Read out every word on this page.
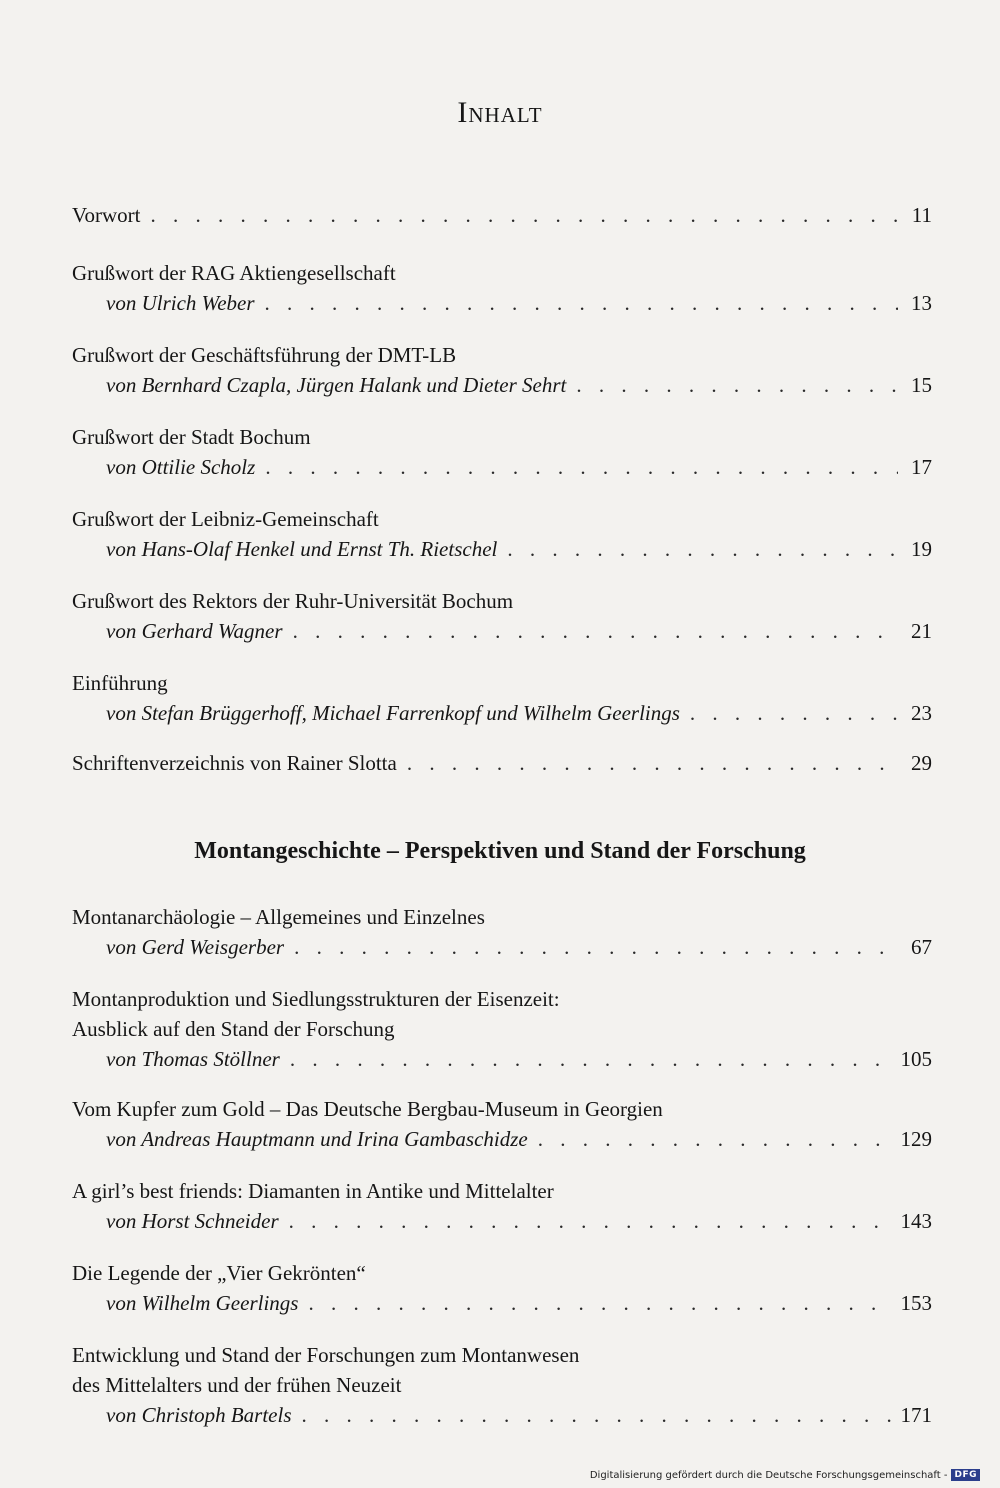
Inhalt
Vorwort . . .	11
Grußwort der RAG Aktiengesellschaft
von Ulrich Weber . . .	13
Grußwort der Geschäftsführung der DMT-LB
von Bernhard Czapla, Jürgen Halank und Dieter Sehrt . . .	15
Grußwort der Stadt Bochum
von Ottilie Scholz . . .	17
Grußwort der Leibniz-Gemeinschaft
von Hans-Olaf Henkel und Ernst Th. Rietschel . . .	19
Grußwort des Rektors der Ruhr-Universität Bochum
von Gerhard Wagner . . .	21
Einführung
von Stefan Brüggerhoff, Michael Farrenkopf und Wilhelm Geerlings . . .	23
Schriftenverzeichnis von Rainer Slotta . . .	29
Montangeschichte – Perspektiven und Stand der Forschung
Montanarchäologie – Allgemeines und Einzelnes
von Gerd Weisgerber . . .	67
Montanproduktion und Siedlungsstrukturen der Eisenzeit:
Ausblick auf den Stand der Forschung
von Thomas Stöllner . . .	105
Vom Kupfer zum Gold – Das Deutsche Bergbau-Museum in Georgien
von Andreas Hauptmann und Irina Gambaschidze . . .	129
A girl’s best friends: Diamanten in Antike und Mittelalter
von Horst Schneider . . .	143
Die Legende der „Vier Gekrönten“
von Wilhelm Geerlings . . .	153
Entwicklung und Stand der Forschungen zum Montanwesen
des Mittelalters und der frühen Neuzeit
von Christoph Bartels . . .	171
Digitalisierung gefördert durch die Deutsche Forschungsgemeinschaft - DFG
